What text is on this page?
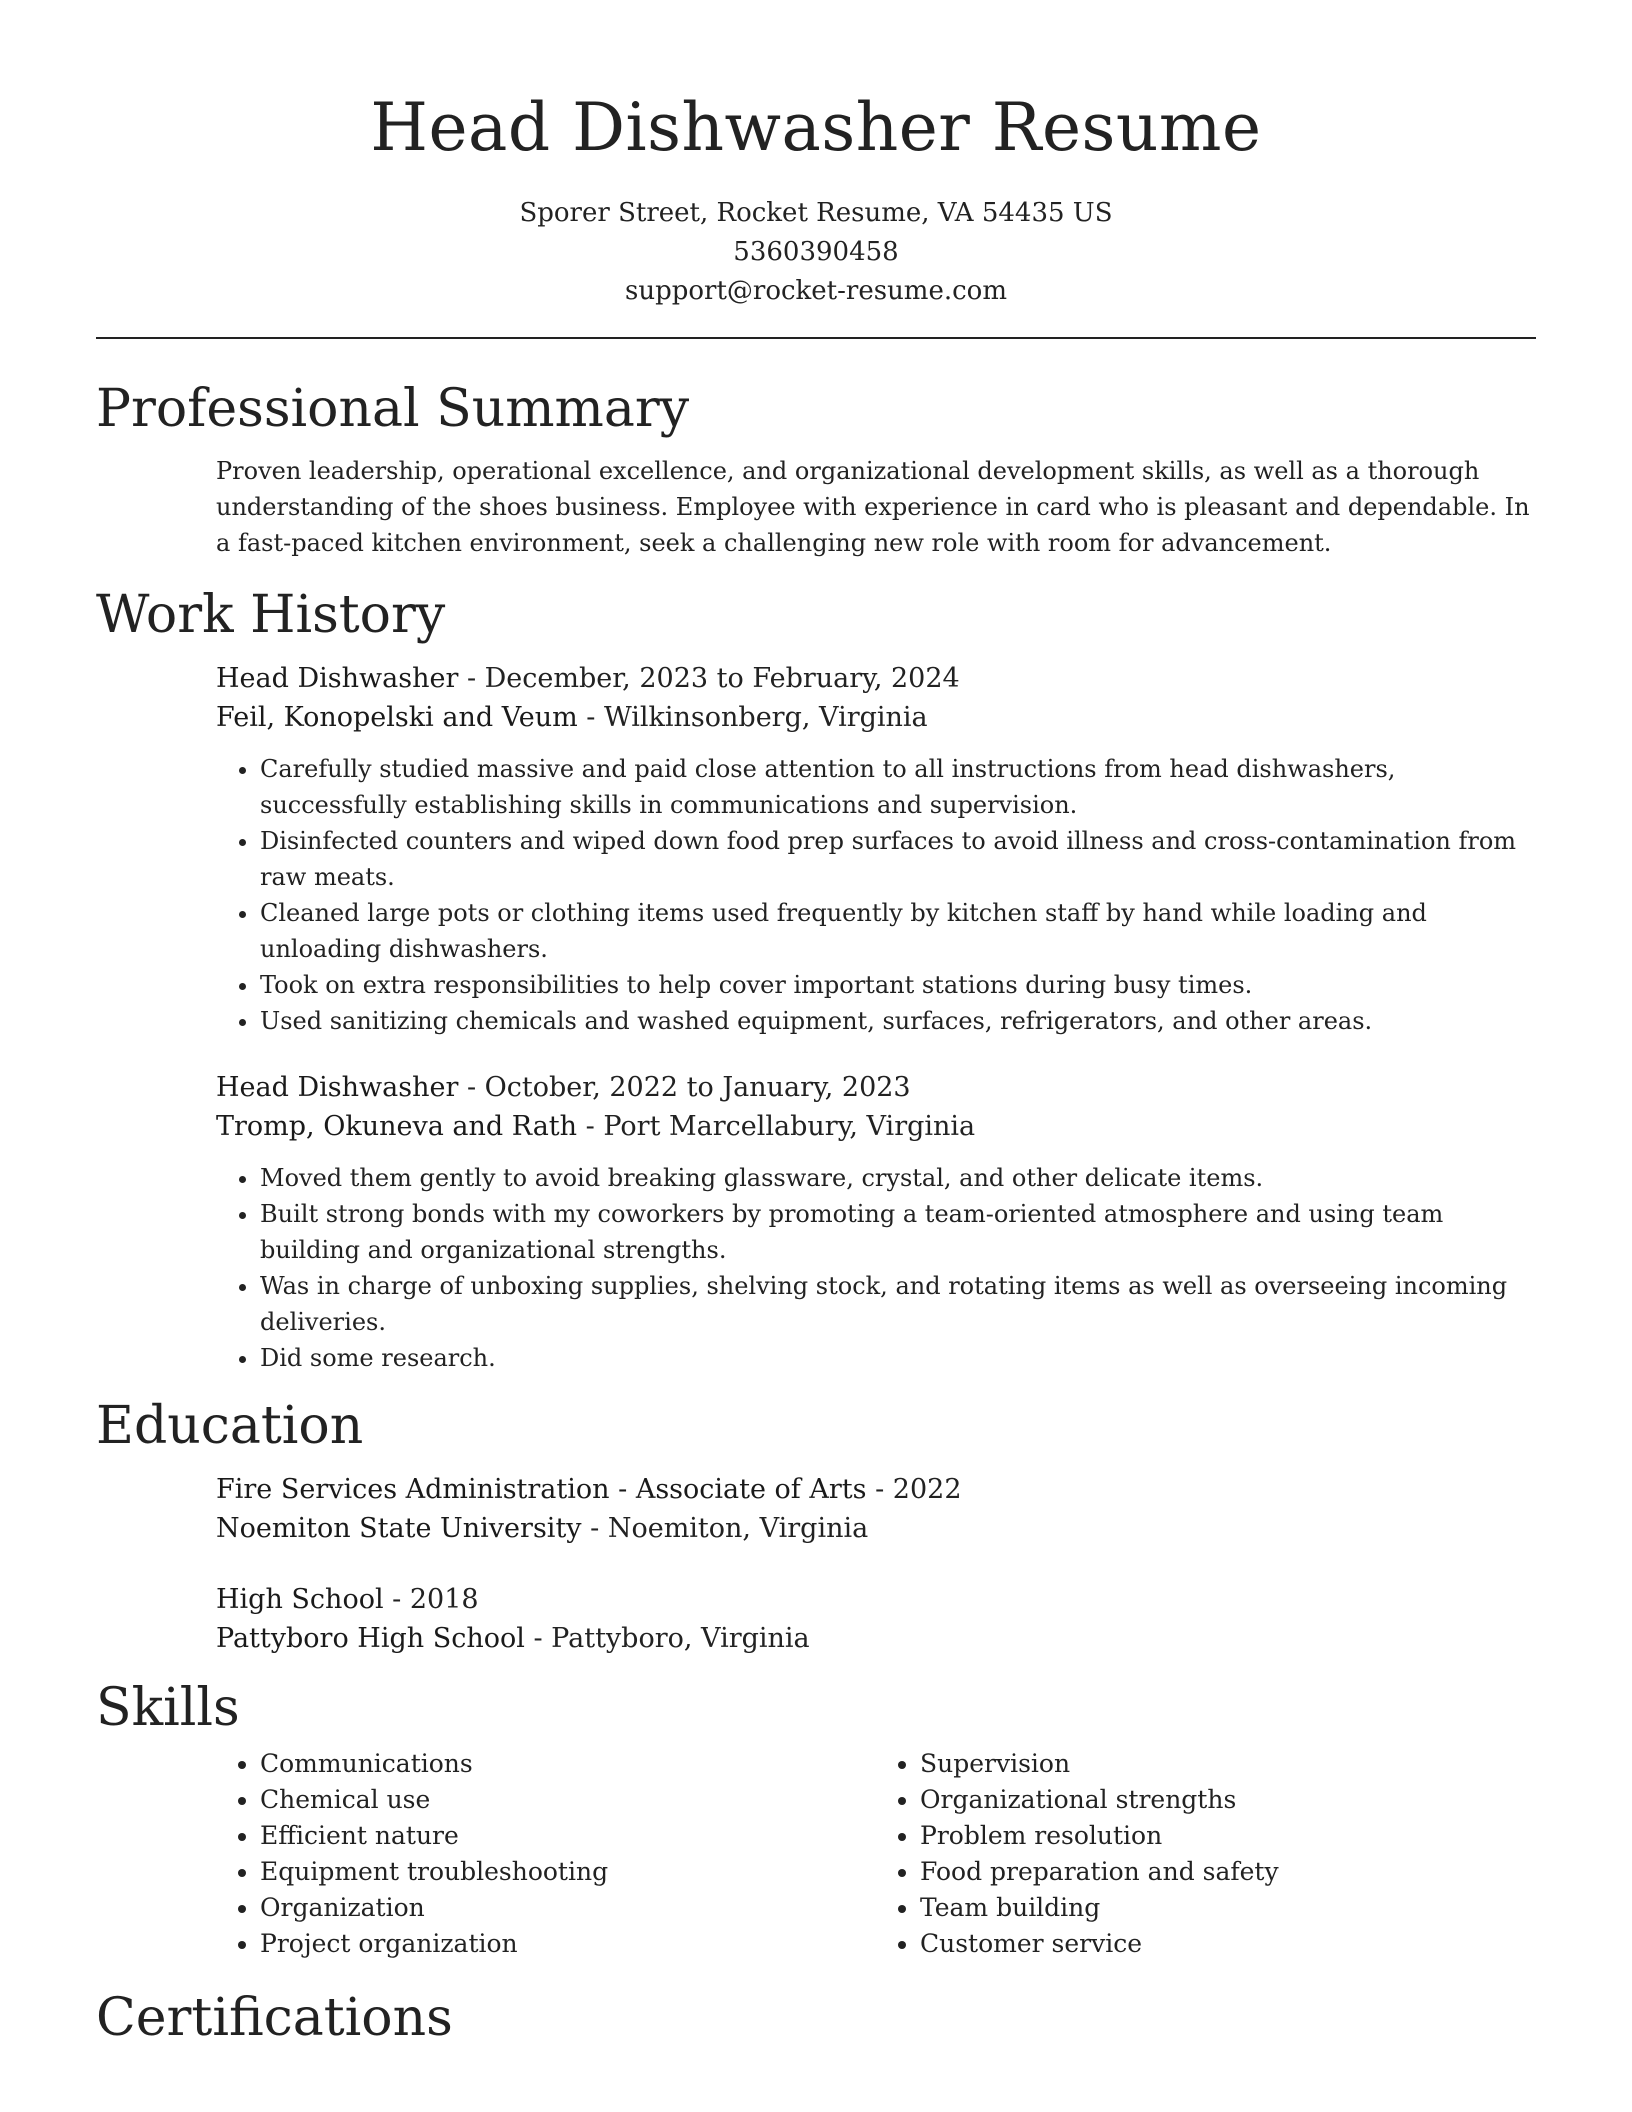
Head Dishwasher Resume
Sporer Street, Rocket Resume, VA 54435 US
5360390458
support@rocket-resume.com
Professional Summary

Proven leadership, operational excellence, and organizational development skills, as well as a thorough understanding of the shoes business. Employee with experience in card who is pleasant and dependable. In a fast-paced kitchen environment, seek a challenging new role with room for advancement.

Work History
Head Dishwasher - December, 2023 to February, 2024
Feil, Konopelski and Veum - Wilkinsonberg, Virginia
• Carefully studied massive and paid close attention to all instructions from head dishwashers, successfully establishing skills in communications and supervision.
• Disinfected counters and wiped down food prep surfaces to avoid illness and cross-contamination from raw meats.
• Cleaned large pots or clothing items used frequently by kitchen staff by hand while loading and unloading dishwashers.
• Took on extra responsibilities to help cover important stations during busy times.
• Used sanitizing chemicals and washed equipment, surfaces, refrigerators, and other areas.
Head Dishwasher - October, 2022 to January, 2023
Tromp, Okuneva and Rath - Port Marcellabury, Virginia
• Moved them gently to avoid breaking glassware, crystal, and other delicate items.
• Built strong bonds with my coworkers by promoting a team-oriented atmosphere and using team building and organizational strengths.
• Was in charge of unboxing supplies, shelving stock, and rotating items as well as overseeing incoming deliveries.
• Did some research.
Education
Fire Services Administration - Associate of Arts - 2022
Noemiton State University - Noemiton, Virginia
High School - 2018
Pattyboro High School - Pattyboro, Virginia
Skills
• Communications
• Chemical use
• Efficient nature
• Equipment troubleshooting
• Organization
• Project organization
• Supervision
• Organizational strengths
• Problem resolution
• Food preparation and safety
• Team building
• Customer service
Certifications
